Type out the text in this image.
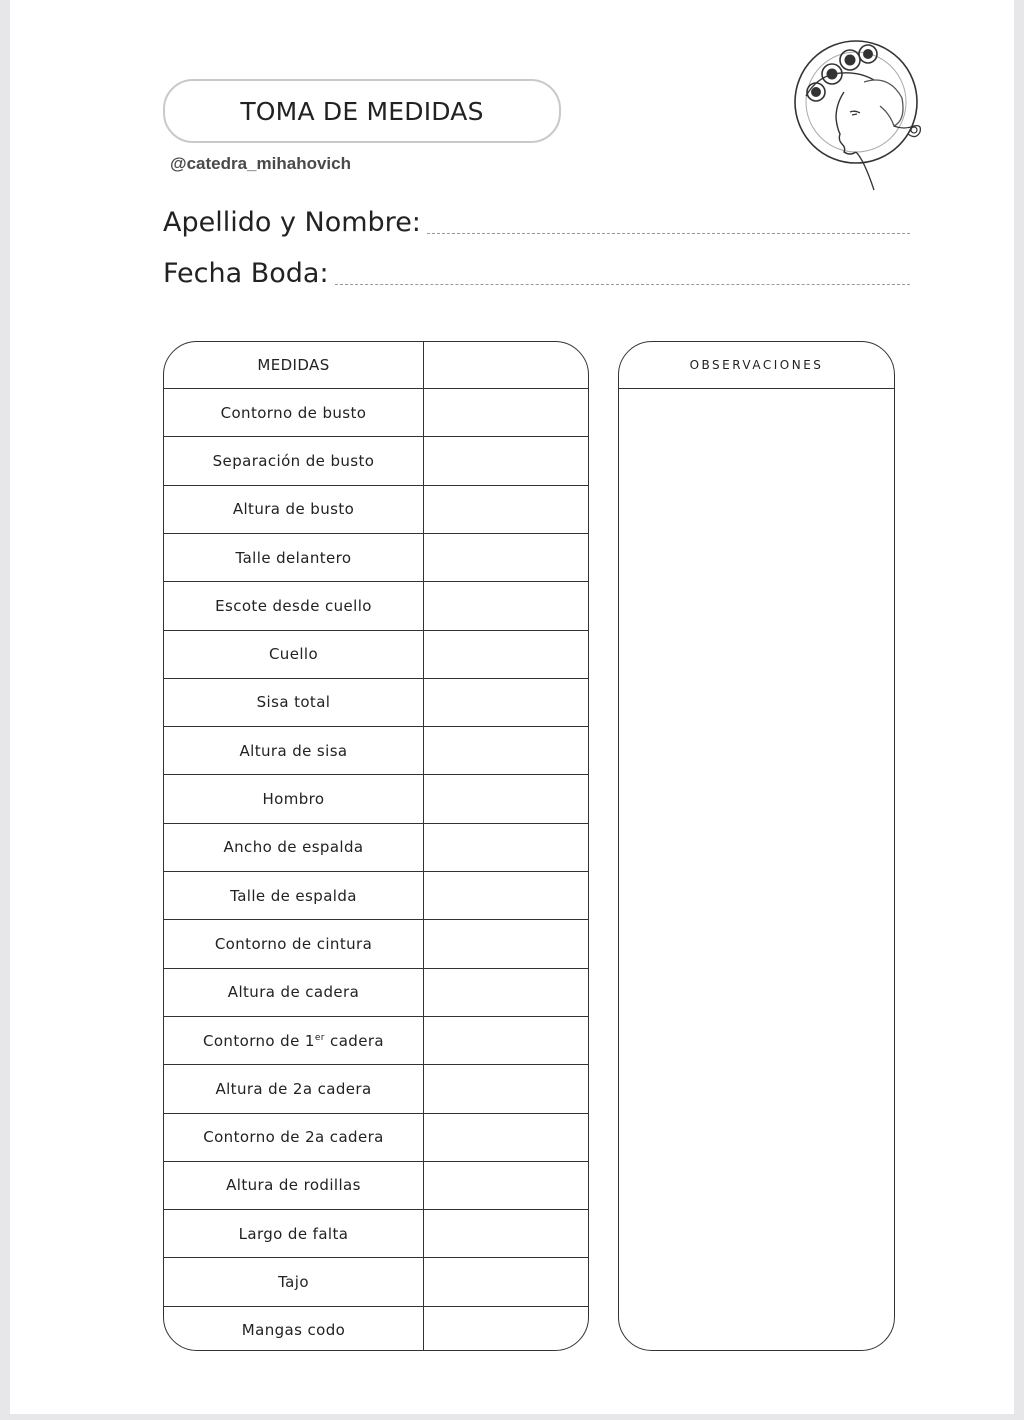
TOMA DE MEDIDAS
@catedra_mihahovich
Apellido y Nombre:
Fecha Boda:
MEDIDAS
Contorno de busto
Separación de busto
Altura de busto
Talle delantero
Escote desde cuello
Cuello
Sisa total
Altura de sisa
Hombro
Ancho de espalda
Talle de espalda
Contorno de cintura
Altura de cadera
Contorno de 1er cadera
Altura de 2a cadera
Contorno de 2a cadera
Altura de rodillas
Largo de falta
Tajo
Mangas codo
OBSERVACIONES
